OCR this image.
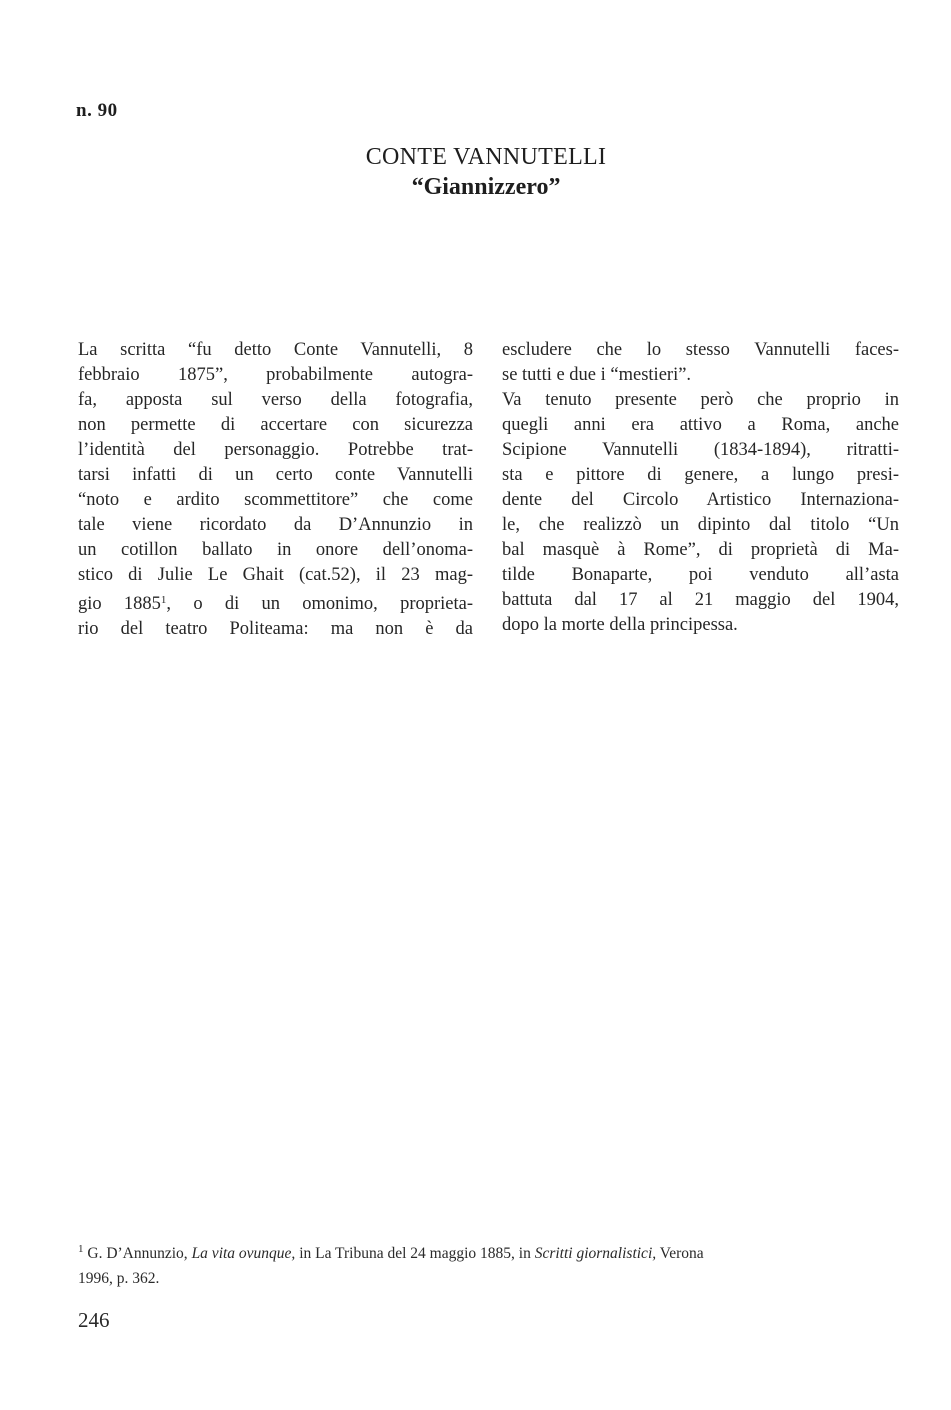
n. 90
CONTE VANNUTELLI
“Giannizzero”
La scritta “fu detto Conte Vannutelli, 8
febbraio 1875”, probabilmente autogra-
fa, apposta sul verso della fotografia,
non permette di accertare con sicurezza
l’identità del personaggio. Potrebbe trat-
tarsi infatti di un certo conte Vannutelli
“noto e ardito scommettitore” che come
tale viene ricordato da D’Annunzio in
un cotillon ballato in onore dell’onoma-
stico di Julie Le Ghait (cat.52), il 23 mag-
gio 1885$^1$, o di un omonimo, proprieta-
rio del teatro Politeama: ma non è da
escludere che lo stesso Vannutelli faces-
se tutti e due i “mestieri”.
Va tenuto presente però che proprio in
quegli anni era attivo a Roma, anche
Scipione Vannutelli (1834-1894), ritratti-
sta e pittore di genere, a lungo presi-
dente del Circolo Artistico Internaziona-
le, che realizzò un dipinto dal titolo “Un
bal masquè à Rome”, di proprietà di Ma-
tilde Bonaparte, poi venduto all’asta
battuta dal 17 al 21 maggio del 1904,
dopo la morte della principessa.
$^1$ G. D’Annunzio, La vita ovunque, in La Tribuna del 24 maggio 1885, in Scritti giornalistici, Verona
1996, p. 362.
246
